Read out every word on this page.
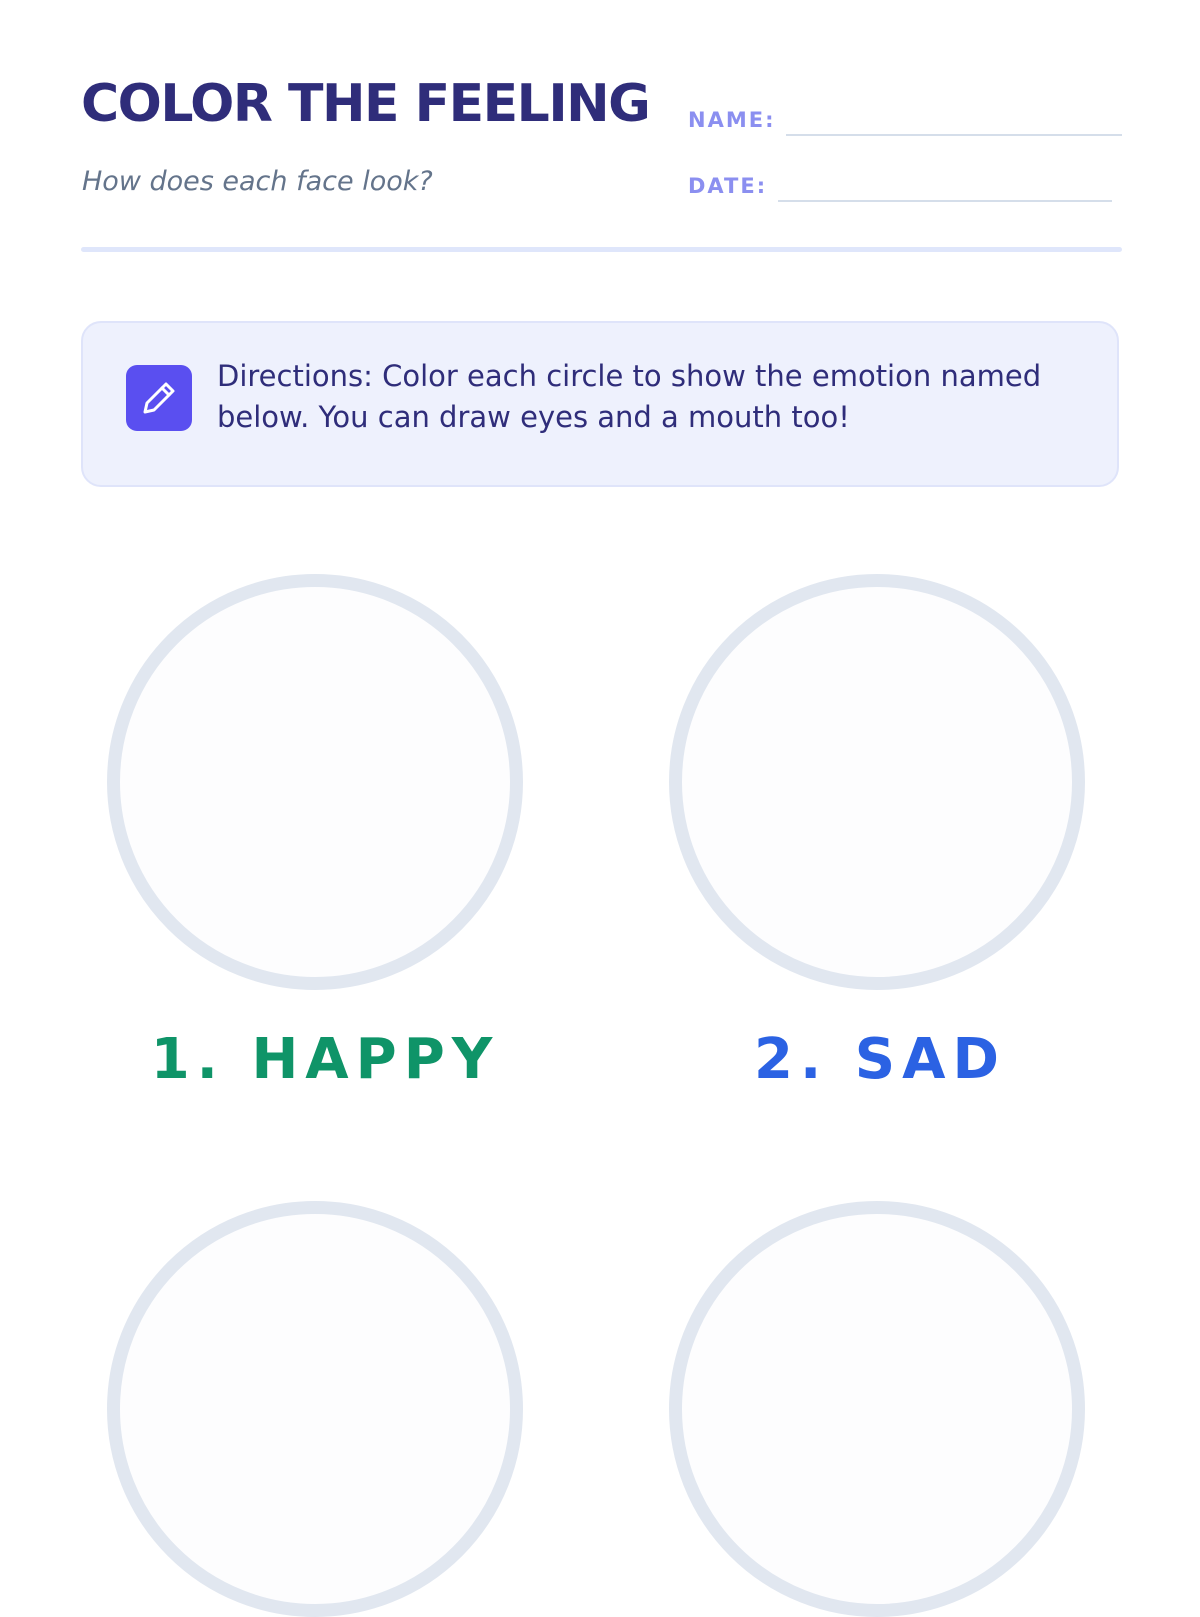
COLOR THE FEELING
How does each face look?
NAME:
DATE:
Directions: Color each circle to show the emotion named below. You can draw eyes and a mouth too!
1. HAPPY	2. SAD
